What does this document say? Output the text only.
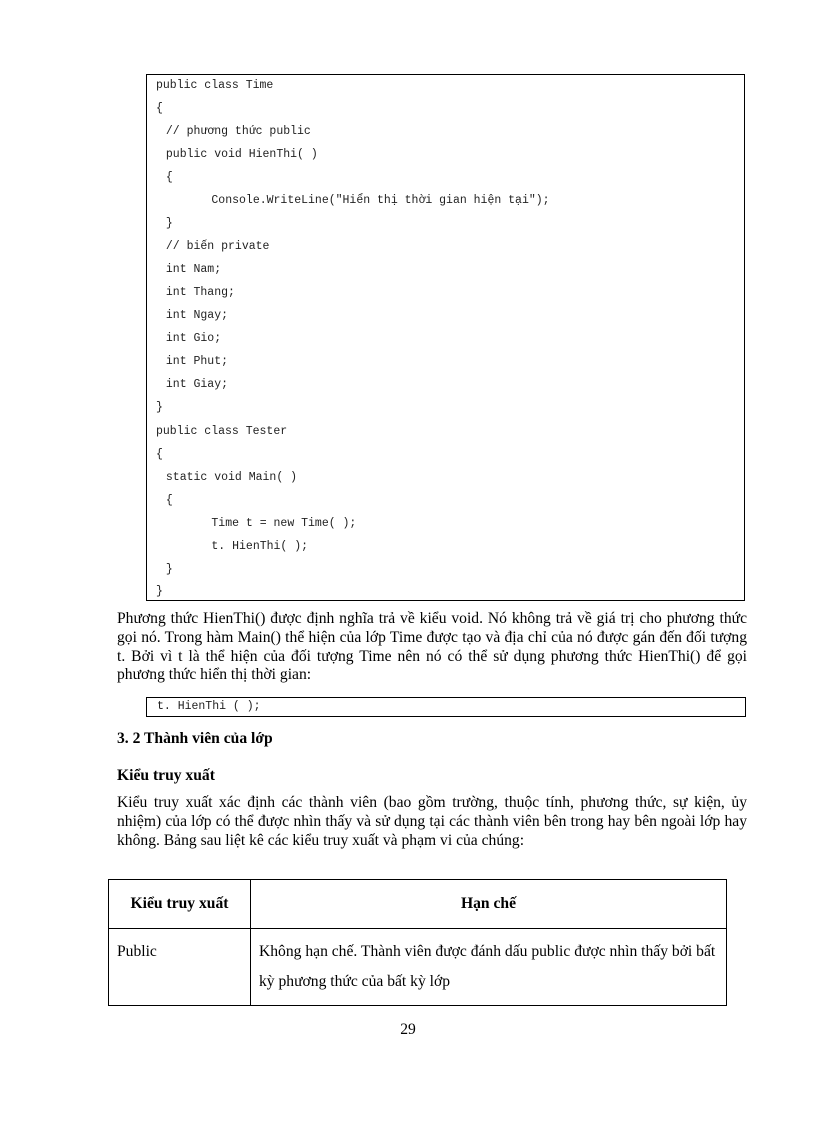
public class Time
{
// phương thức public
public void HienThi( )
{
Console.WriteLine("Hiển thị thời gian hiện tại");
}
// biến private
int Nam;
int Thang;
int Ngay;
int Gio;
int Phut;
int Giay;
}
public class Tester
{
static void Main( )
{
Time t = new Time( );
t. HienThi( );
}
}

Phương thức HienThi() được định nghĩa trả về kiểu void. Nó không trả về giá trị cho phương thức gọi nó. Trong hàm Main() thể hiện của lớp Time được tạo và địa chỉ của nó được gán đến đối tượng t. Bởi vì t là thể hiện của đối tượng Time nên nó có thể sử dụng phương thức HienThi() để gọi phương thức hiển thị thời gian:

t. HienThi ( );
3. 2 Thành viên của lớp
Kiểu truy xuất

Kiểu truy xuất xác định các thành viên (bao gồm trường, thuộc tính, phương thức, sự kiện, ủy nhiệm) của lớp có thể được nhìn thấy và sử dụng tại các thành viên bên trong hay bên ngoài lớp hay không. Bảng sau liệt kê các kiểu truy xuất và phạm vi của chúng:

Kiểu truy xuất	Hạn chế
Public	Không hạn chế. Thành viên được đánh dấu public được nhìn thấy bởi bất kỳ phương thức của bất kỳ lớp
29
